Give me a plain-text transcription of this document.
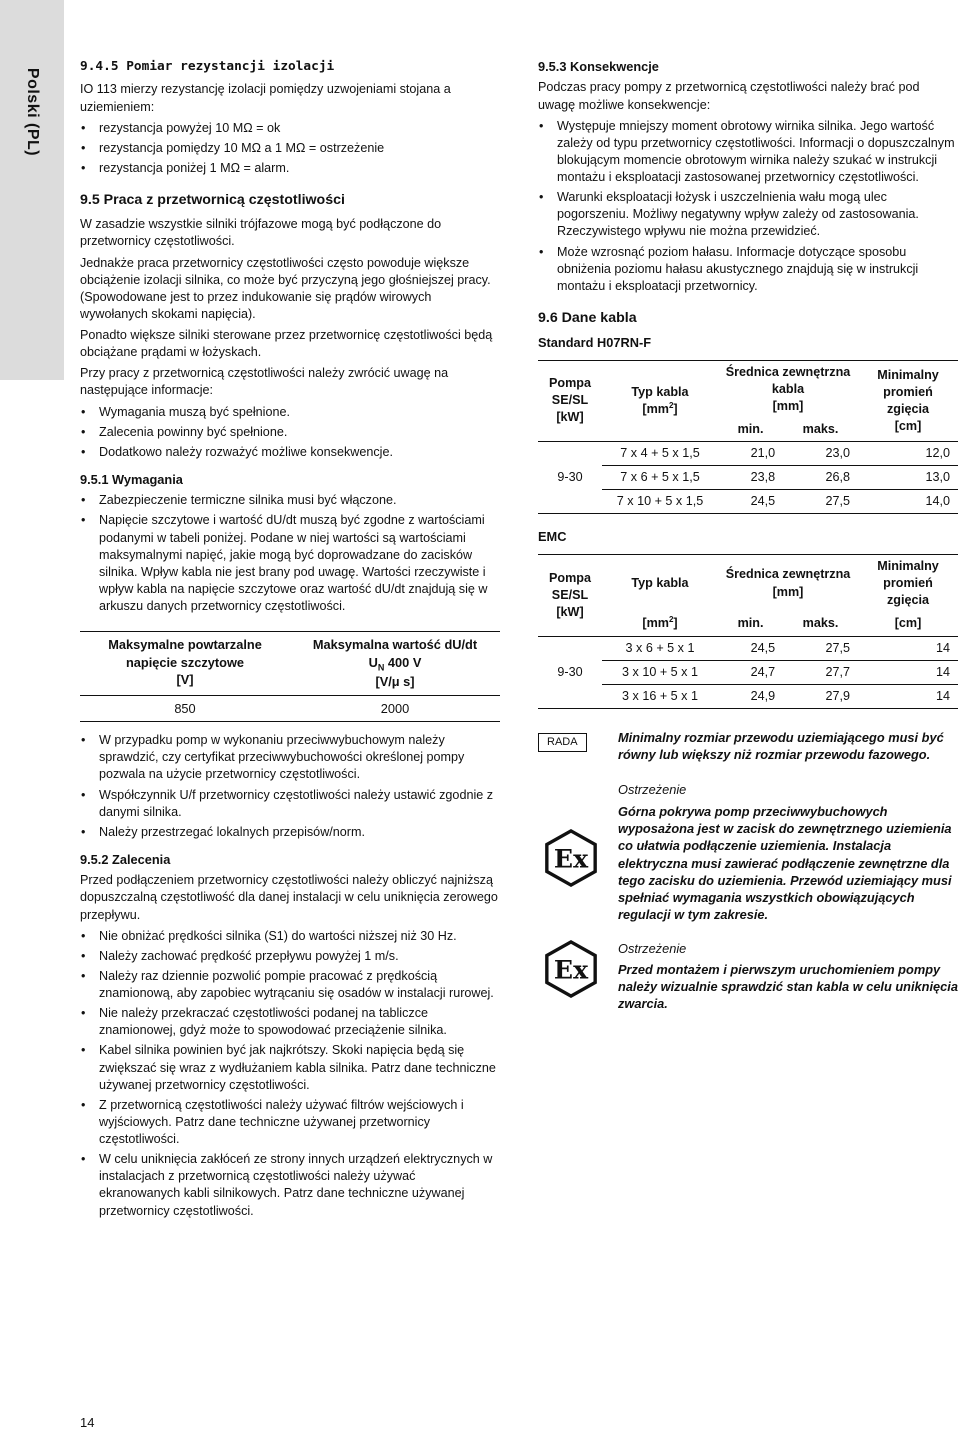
Polski (PL)
9.4.5 Pomiar rezystancji izolacji

IO 113 mierzy rezystancję izolacji pomiędzy uzwojeniami stojana a uziemieniem:

• rezystancja powyżej 10 MΩ = ok
• rezystancja pomiędzy 10 MΩ a 1 MΩ = ostrzeżenie
• rezystancja poniżej 1 MΩ = alarm.
9.5 Praca z przetwornicą częstotliwości

W zasadzie wszystkie silniki trójfazowe mogą być podłączone do przetwornicy częstotliwości.

Jednakże praca przetwornicy częstotliwości często powoduje większe obciążenie izolacji silnika, co może być przyczyną jego głośniejszej pracy. (Spowodowane jest to przez indukowanie się prądów wirowych wywołanych skokami napięcia).

Ponadto większe silniki sterowane przez przetwornicę częstotliwości będą obciążane prądami w łożyskach.

Przy pracy z przetwornicą częstotliwości należy zwrócić uwagę na następujące informacje:

• Wymagania muszą być spełnione.
• Zalecenia powinny być spełnione.
• Dodatkowo należy rozważyć możliwe konsekwencje.
9.5.1 Wymagania
• Zabezpieczenie termiczne silnika musi być włączone.
• Napięcie szczytowe i wartość dU/dt muszą być zgodne z wartościami podanymi w tabeli poniżej. Podane w niej wartości są wartościami maksymalnymi napięć, jakie mogą być doprowadzane do zacisków silnika. Wpływ kabla nie jest brany pod uwagę. Wartości rzeczywiste i wpływ kabla na napięcie szczytowe oraz wartość dU/dt znajdują się w arkuszu danych przetwornicy częstotliwości.
Maksymalne powtarzalne
napięcie szczytowe
[V]	Maksymalna wartość dU/dt
$U_N$ 400 V
[V/μ s]
850	2000
• W przypadku pomp w wykonaniu przeciwwybuchowym należy sprawdzić, czy certyfikat przeciwwybuchowości określonej pompy pozwala na użycie przetwornicy częstotliwości.
• Współczynnik U/f przetwornicy częstotliwości należy ustawić zgodnie z danymi silnika.
• Należy przestrzegać lokalnych przepisów/norm.
9.5.2 Zalecenia

Przed podłączeniem przetwornicy częstotliwości należy obliczyć najniższą dopuszczalną częstotliwość dla danej instalacji w celu uniknięcia zerowego przepływu.

• Nie obniżać prędkości silnika (S1) do wartości niższej niż 30 Hz.
• Należy zachować prędkość przepływu powyżej 1 m/s.
• Należy raz dziennie pozwolić pompie pracować z prędkością znamionową, aby zapobiec wytrącaniu się osadów w instalacji rurowej.
• Nie należy przekraczać częstotliwości podanej na tabliczce znamionowej, gdyż może to spowodować przeciążenie silnika.
• Kabel silnika powinien być jak najkrótszy. Skoki napięcia będą się zwiększać się wraz z wydłużaniem kabla silnika. Patrz dane techniczne używanej przetwornicy częstotliwości.
• Z przetwornicą częstotliwości należy używać filtrów wejściowych i wyjściowych. Patrz dane techniczne używanej przetwornicy częstotliwości.
• W celu uniknięcia zakłóceń ze strony innych urządzeń elektrycznych w instalacjach z przetwornicą częstotliwości należy używać ekranowanych kabli silnikowych. Patrz dane techniczne używanej przetwornicy częstotliwości.
9.5.3 Konsekwencje

Podczas pracy pompy z przetwornicą częstotliwości należy brać pod uwagę możliwe konsekwencje:

• Występuje mniejszy moment obrotowy wirnika silnika. Jego wartość zależy od typu przetwornicy częstotliwości. Informacji o dopuszczalnym blokującym momencie obrotowym wirnika należy szukać w instrukcji montażu i eksploatacji zastosowanej przetwornicy częstotliwości.
• Warunki eksploatacji łożysk i uszczelnienia wału mogą ulec pogorszeniu. Możliwy negatywny wpływ zależy od zastosowania. Rzeczywistego wpływu nie można przewidzieć.
• Może wzrosnąć poziom hałasu. Informacje dotyczące sposobu obniżenia poziomu hałasu akustycznego znajdują się w instrukcji montażu i eksploatacji przetwornicy.
9.6 Dane kabla
Standard H07RN-F
Pompa
SE/SL
[kW]	Typ kabla
$[mm^2]$	Średnica zewnętrzna
kabla
[mm]		Minimalny
promień
zgięcia
[cm]
		min.	maks.	
9-30	7 x 4 + 5 x 1,5	21,0	23,0	12,0
	7 x 6 + 5 x 1,5	23,8	26,8	13,0
	7 x 10 + 5 x 1,5	24,5	27,5	14,0
EMC
Pompa
SE/SL
[kW]	Typ kabla	Średnica zewnętrzna
[mm]		Minimalny
promień
zgięcia
	$[mm^2]$	min.	maks.	[cm]
9-30	3 x 6 + 5 x 1	24,5	27,5	14
	3 x 10 + 5 x 1	24,7	27,7	14
	3 x 16 + 5 x 1	24,9	27,9	14
RADA	Minimalny rozmiar przewodu uziemiającego musi być równy lub większy niż rozmiar przewodu fazowego.
Ex
Ostrzeżenie
Górna pokrywa pomp przeciwwybuchowych wyposażona jest w zacisk do zewnętrznego uziemienia co ułatwia podłączenie uziemienia. Instalacja elektryczna musi zawierać podłączenie zewnętrzne dla tego zacisku do uziemienia. Przewód uziemiający musi spełniać wymagania wszystkich obowiązujących regulacji w tym zakresie.
Ex
Ostrzeżenie
Przed montażem i pierwszym uruchomieniem pompy należy wizualnie sprawdzić stan kabla w celu uniknięcia zwarcia.
14
